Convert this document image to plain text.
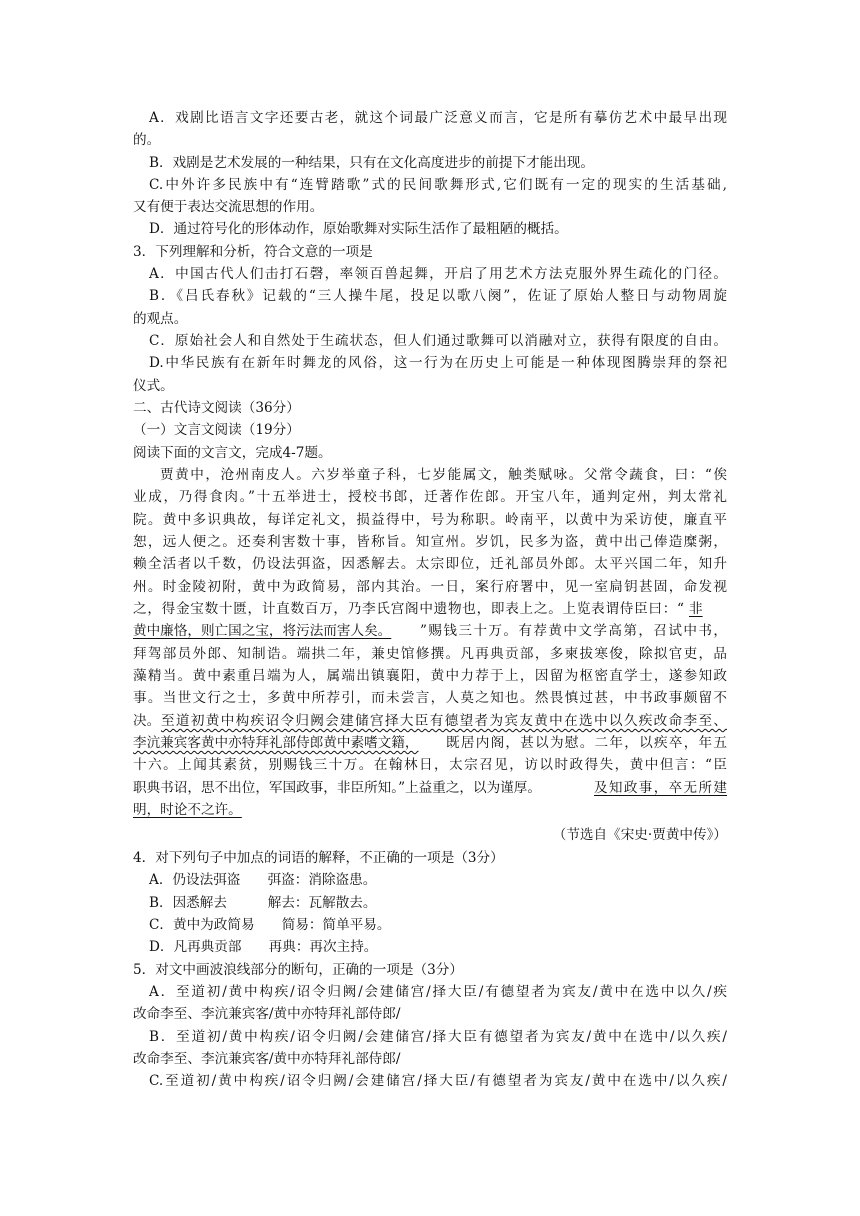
A．戏剧比语言文字还要古老，就这个词最广泛意义而言，它是所有摹仿艺术中最早出现
的。
B．戏剧是艺术发展的一种结果，只有在文化高度进步的前提下才能出现。
C.中外许多民族中有“连臂踏歌”式的民间歌舞形式,它们既有一定的现实的生活基础,
又有便于表达交流思想的作用。
D．通过符号化的形体动作，原始歌舞对实际生活作了最粗陋的概括。
3．下列理解和分析，符合文意的一项是
A．中国古代人们击打石磬，率领百兽起舞，开启了用艺术方法克服外界生疏化的门径。
B．《吕氏春秋》记载的“三人操牛尾，投足以歌八阕”，佐证了原始人整日与动物周旋
的观点。
C．原始社会人和自然处于生疏状态，但人们通过歌舞可以消融对立，获得有限度的自由。
D.中华民族有在新年时舞龙的风俗，这一行为在历史上可能是一种体现图腾崇拜的祭祀
仪式。
二、古代诗文阅读（36分）
（一）文言文阅读（19分）
阅读下面的文言文，完成4-7题。
贾黄中，沧州南皮人。六岁举童子科，七岁能属文，触类赋咏。父常令蔬食，曰：“俟
业成，乃得食肉。”十五举进士，授校书郎，迁著作佐郎。开宝八年，通判定州，判太常礼
院。黄中多识典故，每详定礼文，损益得中，号为称职。岭南平，以黄中为采访使，廉直平
恕，远人便之。还奏利害数十事，皆称旨。知宣州。岁饥，民多为盗，黄中出己俸造糜粥，
赖全活者以千数，仍设法弭盗，因悉解去。太宗即位，迁礼部员外郎。太平兴国二年，知升
州。时金陵初附，黄中为政简易，部内其治。一日，案行府署中，见一室扃钥甚固，命发视
之，得金宝数十匮，计直数百万，乃李氏宫阁中遗物也，即表上之。上览表谓侍臣曰：“ 非
黄中廉恪，则亡国之宝，将污法而害人矣。 ”赐钱三十万。有荐黄中文学高第，召试中书，
拜驾部员外郎、知制诰。端拱二年，兼史馆修撰。凡再典贡部，多柬拔寒俊，除拟官吏，品
藻精当。黄中素重吕端为人，属端出镇襄阳，黄中力荐于上，因留为枢密直学士，遂参知政
事。当世文行之士，多黄中所荐引，而未尝言，人莫之知也。然畏慎过甚，中书政事颇留不
决。 至道初黄中构疾诏令归阙会建储宫择大臣有德望者为宾友黄中在选中以久疾改命李至、
李沆兼宾客黄中亦特拜礼部侍郎黄中素嗜文籍， 既居内阁，甚以为慰。二年，以疾卒，年五
十六。上闻其素贫，别赐钱三十万。在翰林日，太宗召见，访以时政得失，黄中但言：“臣
职典书诏，思不出位，军国政事，非臣所知。”上益重之，以为谨厚。	及知政事，卒无所建
明，时论不之许。
（节选自《宋史·贾黄中传》）
4．对下列句子中加点的词语的解释，不正确的一项是（3分）
A．仍设法弭盗　　弭盗：消除盗患。
B．因悉解去　　　解去：瓦解散去。
C．黄中为政简易　　简易：简单平易。
D．凡再典贡部　　再典：再次主持。
5．对文中画波浪线部分的断句，正确的一项是（3分）
A．至道初/黄中构疾/诏令归阙/会建储宫/择大臣/有德望者为宾友/黄中在选中以久/疾
改命李至、李沆兼宾客/黄中亦特拜礼部侍郎/
B．至道初/黄中构疾/诏令归阙/会建储宫/择大臣有德望者为宾友/黄中在选中/以久疾/
改命李至、李沆兼宾客/黄中亦特拜礼部侍郎/
C.至道初/黄中构疾/诏令归阙/会建储宫/择大臣/有德望者为宾友/黄中在选中/以久疾/
